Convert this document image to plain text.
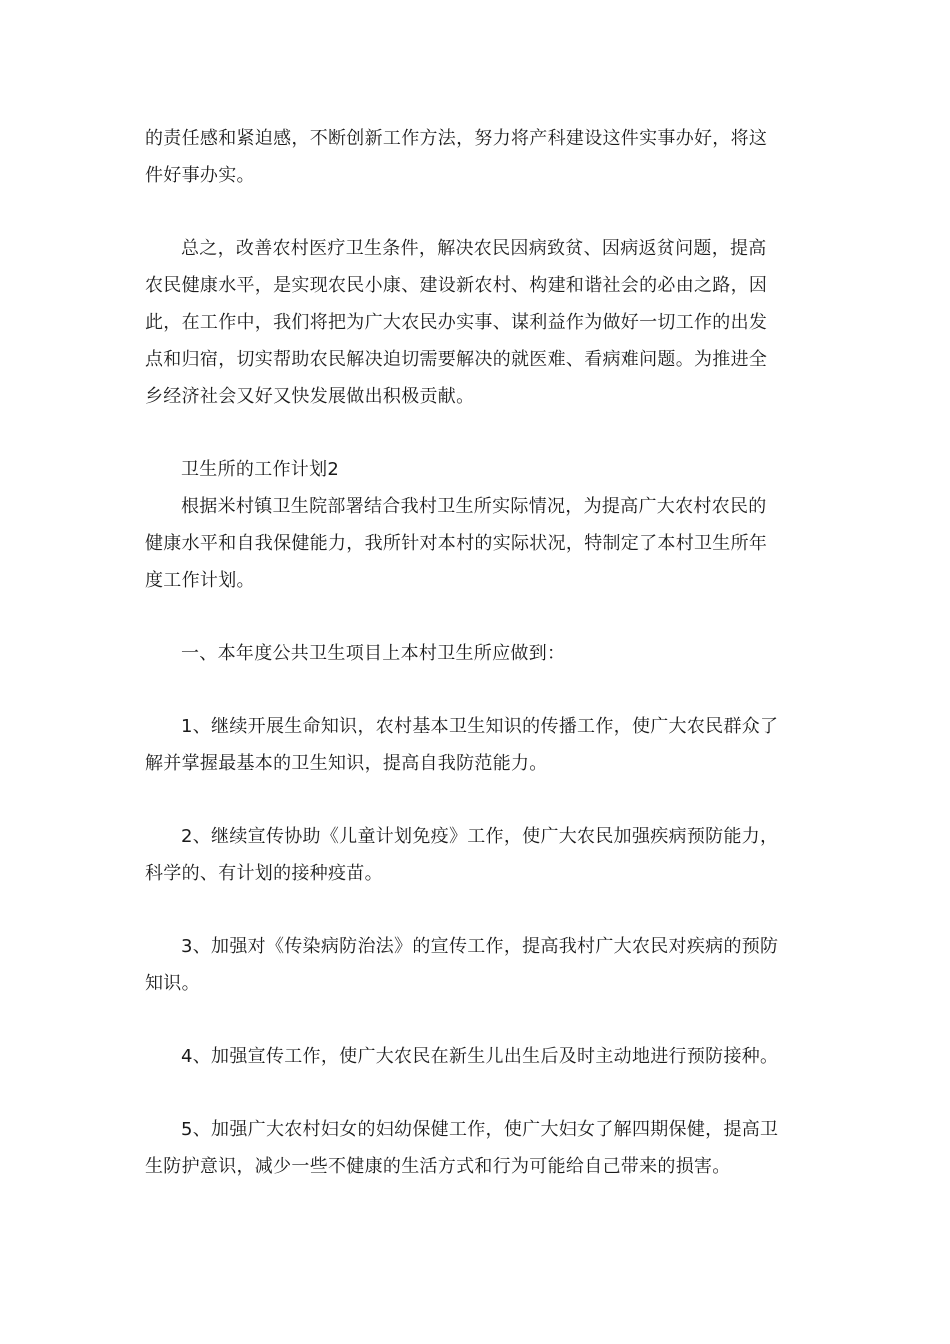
的责任感和紧迫感，不断创新工作方法，努力将产科建设这件实事办好，将这
件好事办实。
总之，改善农村医疗卫生条件，解决农民因病致贫、因病返贫问题，提高
农民健康水平，是实现农民小康、建设新农村、构建和谐社会的必由之路，因
此，在工作中，我们将把为广大农民办实事、谋利益作为做好一切工作的出发
点和归宿，切实帮助农民解决迫切需要解决的就医难、看病难问题。为推进全
乡经济社会又好又快发展做出积极贡献。
卫生所的工作计划2
根据米村镇卫生院部署结合我村卫生所实际情况，为提高广大农村农民的
健康水平和自我保健能力，我所针对本村的实际状况，特制定了本村卫生所年
度工作计划。
一、本年度公共卫生项目上本村卫生所应做到：
1、继续开展生命知识，农村基本卫生知识的传播工作，使广大农民群众了
解并掌握最基本的卫生知识，提高自我防范能力。
2、继续宣传协助《儿童计划免疫》工作，使广大农民加强疾病预防能力，
科学的、有计划的接种疫苗。
3、加强对《传染病防治法》的宣传工作，提高我村广大农民对疾病的预防
知识。
4、加强宣传工作，使广大农民在新生儿出生后及时主动地进行预防接种。
5、加强广大农村妇女的妇幼保健工作，使广大妇女了解四期保健，提高卫
生防护意识，减少一些不健康的生活方式和行为可能给自己带来的损害。
